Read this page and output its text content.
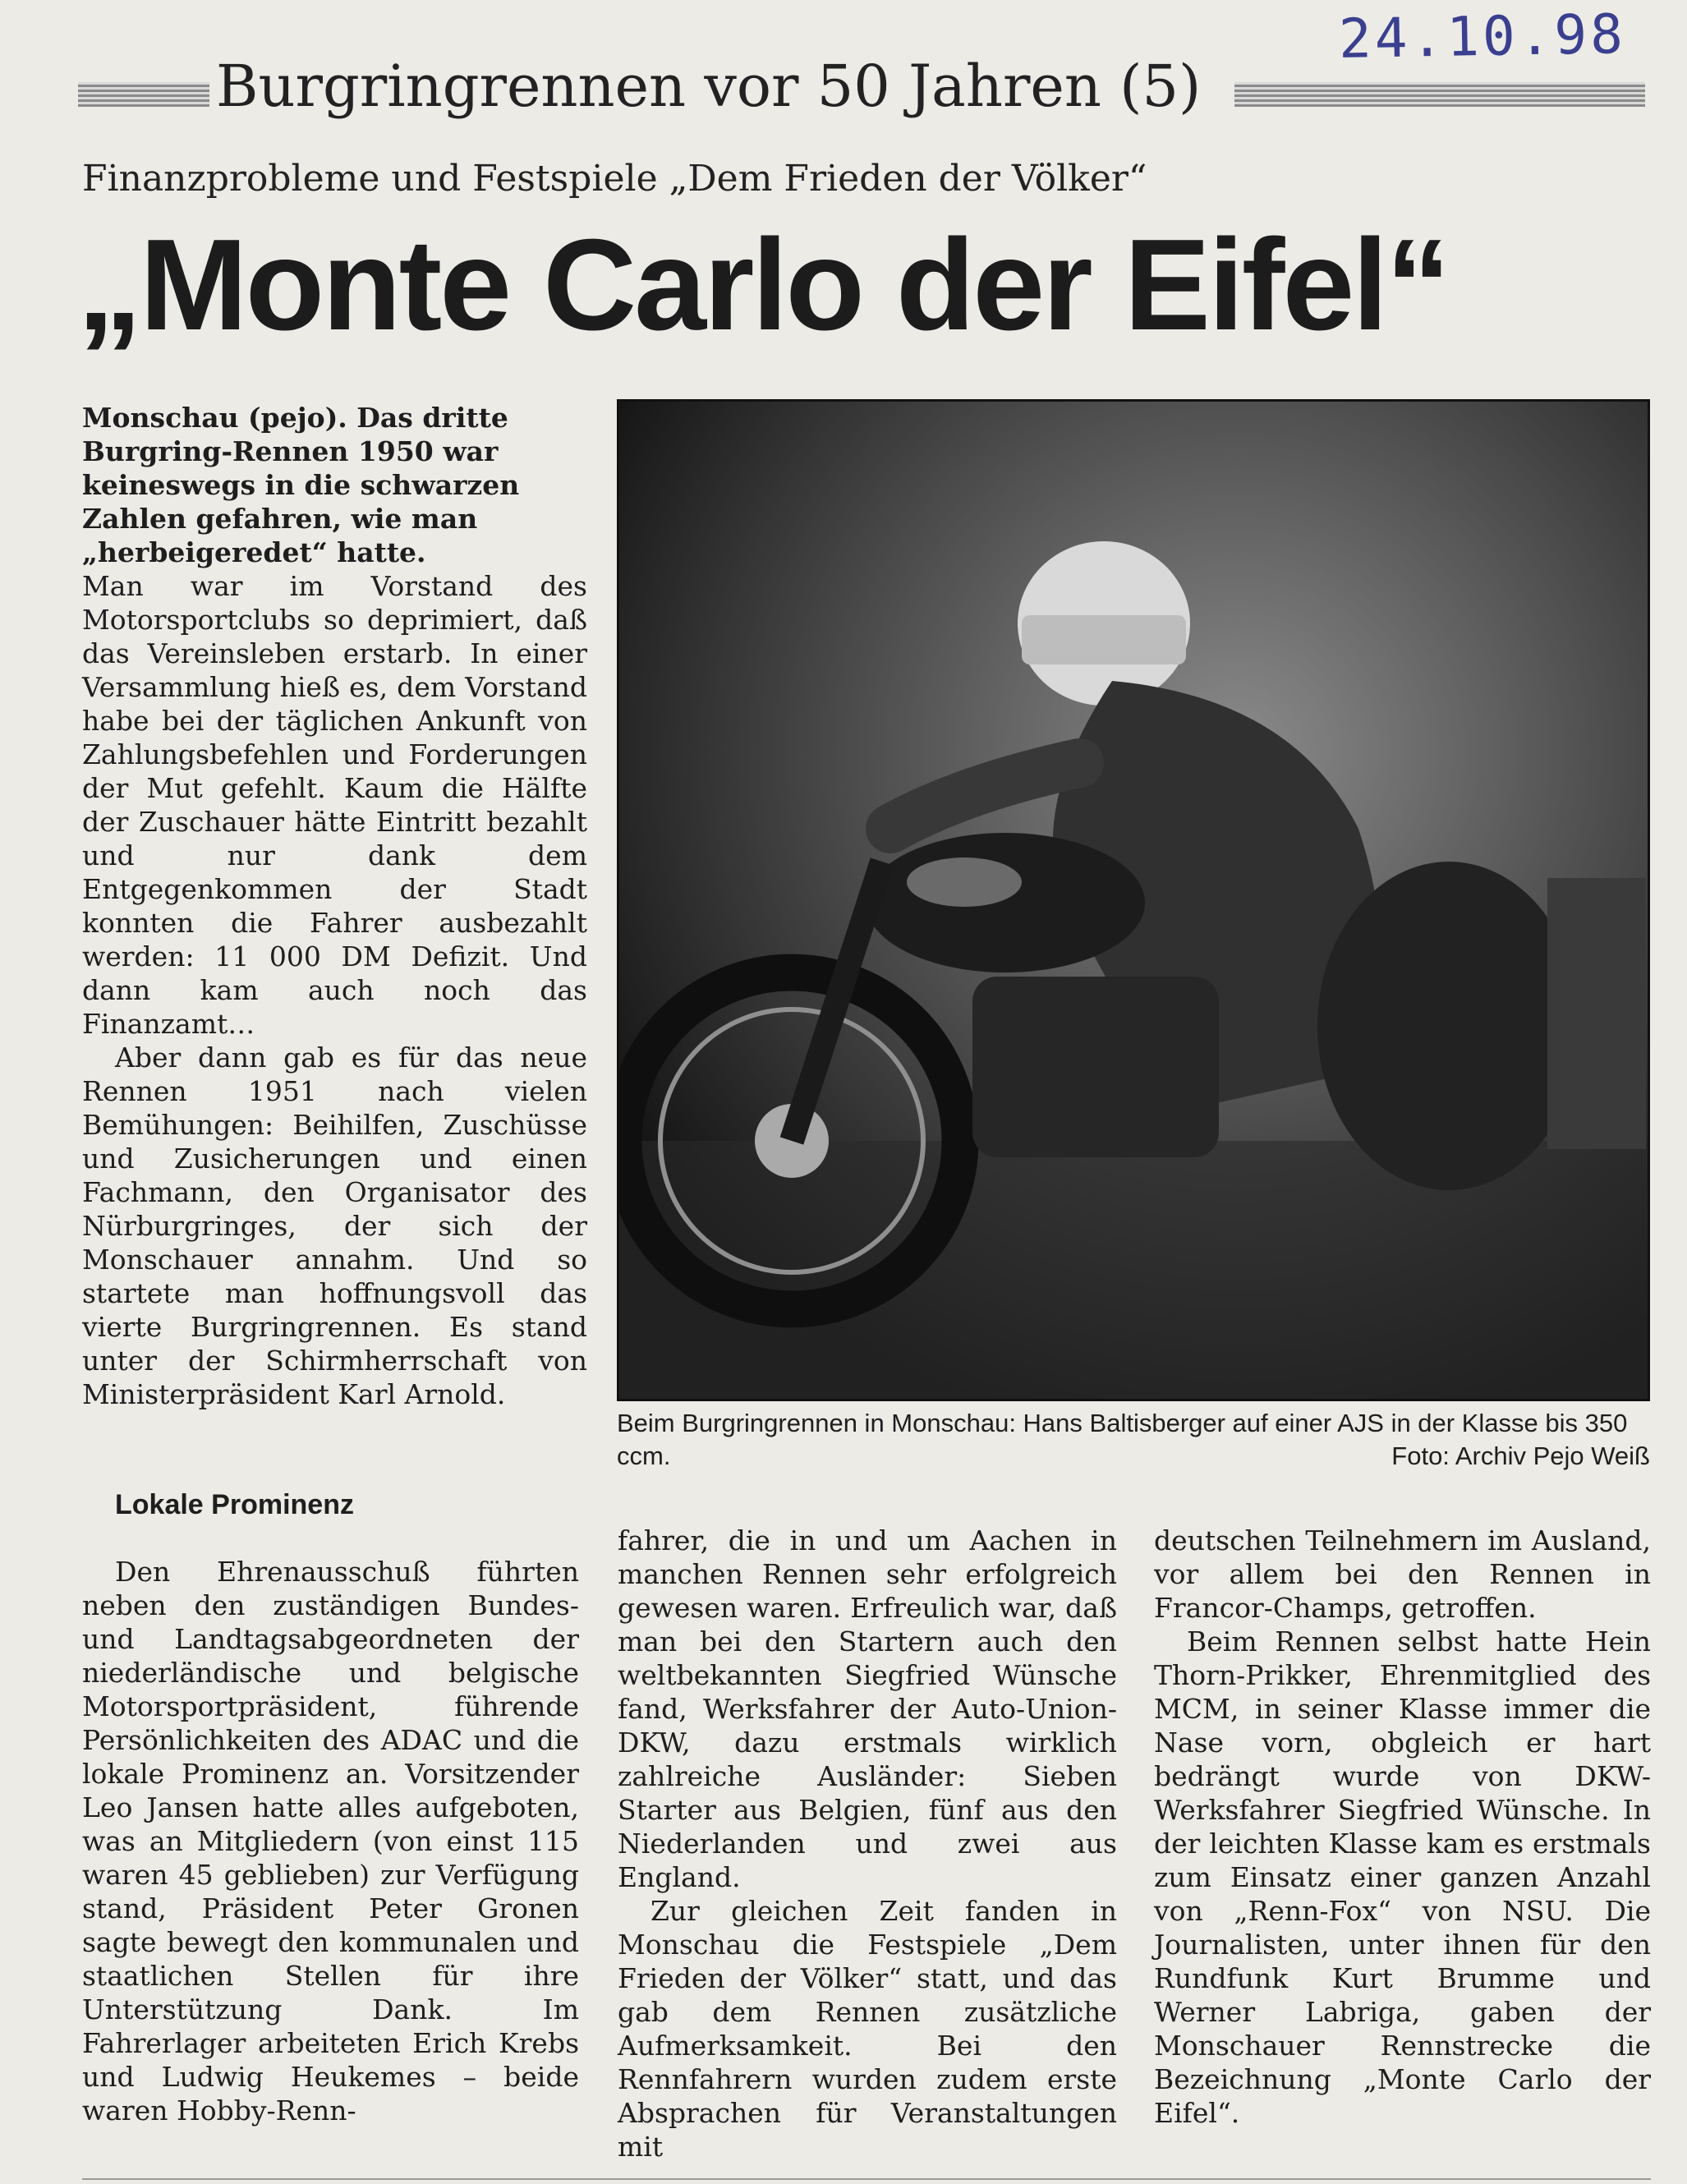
24.10.98
Burgringrennen vor 50 Jahren (5)
Finanzprobleme und Festspiele „Dem Frieden der Völker“
„Monte Carlo der Eifel“

Monschau (pejo). Das dritte Burgring-Rennen 1950 war keineswegs in die schwarzen Zahlen gefahren, wie man „herbeigeredet“ hatte.

Man war im Vorstand des Motorsportclubs so deprimiert, daß das Vereinsleben erstarb. In einer Versammlung hieß es, dem Vorstand habe bei der täglichen Ankunft von Zahlungsbefehlen und Forderungen der Mut gefehlt. Kaum die Hälfte der Zuschauer hätte Eintritt bezahlt und nur dank dem Entgegenkommen der Stadt konnten die Fahrer ausbezahlt werden: 11 000 DM Defizit. Und dann kam auch noch das Finanzamt…

Aber dann gab es für das neue Rennen 1951 nach vielen Bemühungen: Beihilfen, Zuschüsse und Zusicherungen und einen Fachmann, den Organisator des Nürburgringes, der sich der Monschauer annahm. Und so startete man hoffnungsvoll das vierte Burgringrennen. Es stand unter der Schirmherrschaft von Ministerpräsident Karl Arnold.

Beim Burgringrennen in Monschau: Hans Baltisberger auf einer AJS in der Klasse bis 350 ccm.	Foto: Archiv Pejo Weiß
Lokale Prominenz

Den Ehrenausschuß führten neben den zuständigen Bundes- und Landtagsabgeordneten der niederländische und belgische Motorsportpräsident, führende Persönlichkeiten des ADAC und die lokale Prominenz an. Vorsitzender Leo Jansen hatte alles aufgeboten, was an Mitgliedern (von einst 115 waren 45 geblieben) zur Verfügung stand, Präsident Peter Gronen sagte bewegt den kommunalen und staatlichen Stellen für ihre Unterstützung Dank. Im Fahrerlager arbeiteten Erich Krebs und Ludwig Heukemes – beide waren Hobby-Renn-

fahrer, die in und um Aachen in manchen Rennen sehr erfolgreich gewesen waren. Erfreulich war, daß man bei den Startern auch den weltbekannten Siegfried Wünsche fand, Werksfahrer der Auto-Union-DKW, dazu erstmals wirklich zahlreiche Ausländer: Sieben Starter aus Belgien, fünf aus den Niederlanden und zwei aus England.

Zur gleichen Zeit fanden in Monschau die Festspiele „Dem Frieden der Völker“ statt, und das gab dem Rennen zusätzliche Aufmerksamkeit. Bei den Rennfahrern wurden zudem erste Absprachen für Veranstaltungen mit

deutschen Teilnehmern im Ausland, vor allem bei den Rennen in Francor-Champs, getroffen.

Beim Rennen selbst hatte Hein Thorn-Prikker, Ehrenmitglied des MCM, in seiner Klasse immer die Nase vorn, obgleich er hart bedrängt wurde von DKW-Werksfahrer Siegfried Wünsche. In der leichten Klasse kam es erstmals zum Einsatz einer ganzen Anzahl von „Renn-Fox“ von NSU. Die Journalisten, unter ihnen für den Rundfunk Kurt Brumme und Werner Labriga, gaben der Monschauer Rennstrecke die Bezeichnung „Monte Carlo der Eifel“.
